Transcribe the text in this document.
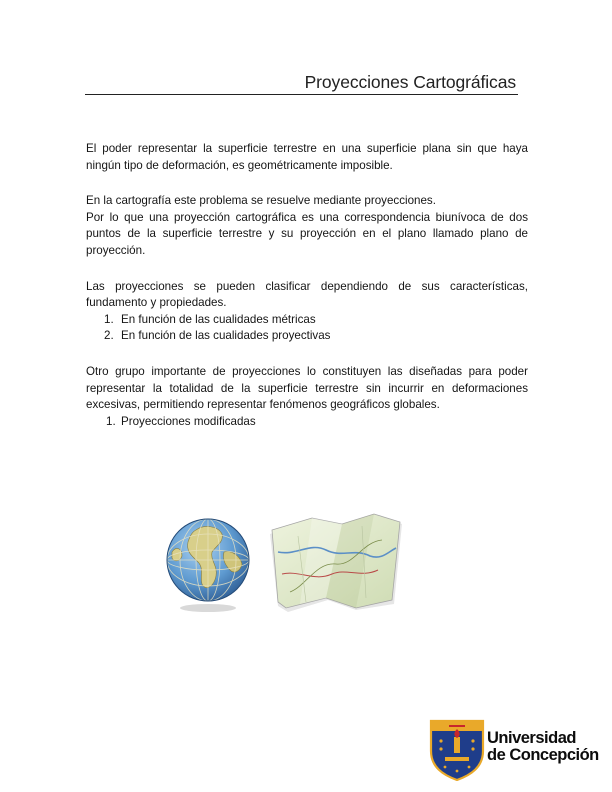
Proyecciones Cartográficas

El poder representar la superficie terrestre en una superficie plana sin que haya ningún tipo de deformación, es geométricamente imposible.

En la cartografía este problema se resuelve mediante proyecciones.

Por lo que una proyección cartográfica es una correspondencia biunívoca de dos puntos de la superficie terrestre y su proyección en el plano llamado plano de proyección.

Las proyecciones se pueden clasificar dependiendo de sus características, fundamento y propiedades.

1. En función de las cualidades métricas
2. En función de las cualidades proyectivas

Otro grupo importante de proyecciones lo constituyen las diseñadas para poder representar la totalidad de la superficie terrestre sin incurrir en deformaciones excesivas, permitiendo representar fenómenos geográficos globales.

1. Proyecciones modificadas
Universidad
de Concepción
